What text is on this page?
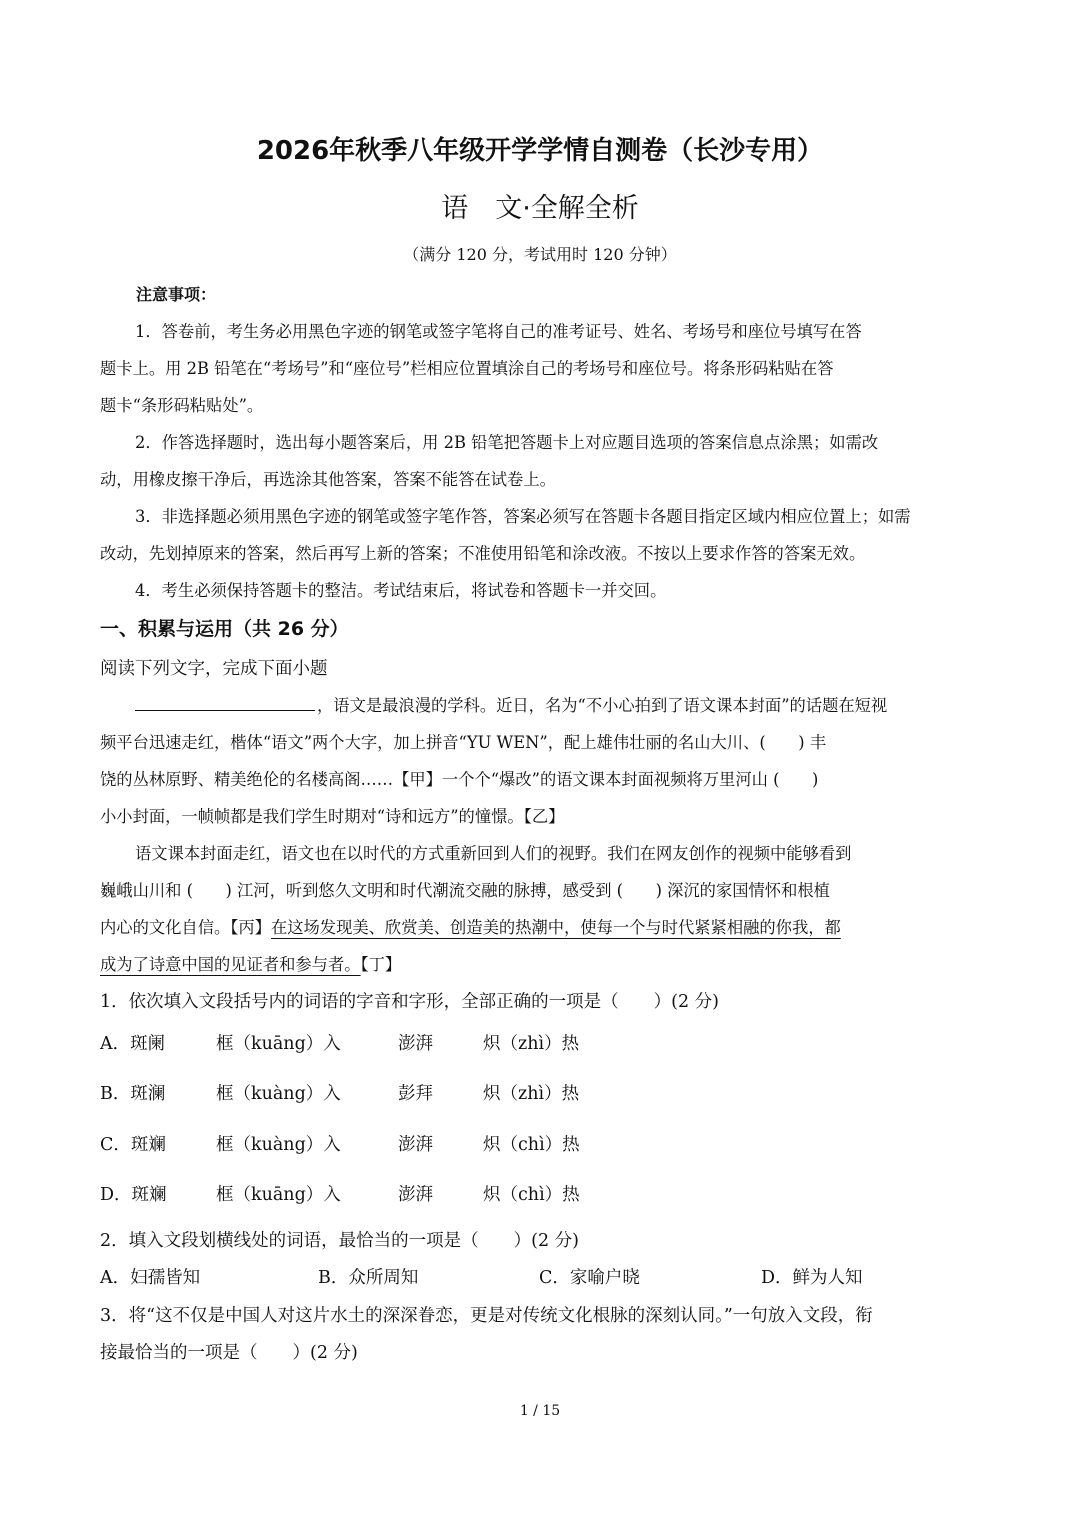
2026年秋季八年级开学学情自测卷（长沙专用）

语　文·全解全析

（满分 120 分，考试用时 120 分钟）

注意事项：

1．答卷前，考生务必用黑色字迹的钢笔或签字笔将自己的准考证号、姓名、考场号和座位号填写在答

题卡上。用 2B 铅笔在“考场号”和“座位号”栏相应位置填涂自己的考场号和座位号。将条形码粘贴在答

题卡“条形码粘贴处”。

2．作答选择题时，选出每小题答案后，用 2B 铅笔把答题卡上对应题目选项的答案信息点涂黑；如需改

动，用橡皮擦干净后，再选涂其他答案，答案不能答在试卷上。

3．非选择题必须用黑色字迹的钢笔或签字笔作答，答案必须写在答题卡各题目指定区域内相应位置上；如需

改动，先划掉原来的答案，然后再写上新的答案；不准使用铅笔和涂改液。不按以上要求作答的答案无效。

4．考生必须保持答题卡的整洁。考试结束后，将试卷和答题卡一并交回。

一、积累与运用（共 26 分）

阅读下列文字，完成下面小题

，语文是最浪漫的学科。近日，名为“不小心拍到了语文课本封面”的话题在短视

频平台迅速走红，楷体“语文”两个大字，加上拼音“YU WEN”，配上雄伟壮丽的名山大川、(　　) 丰

饶的丛林原野、精美绝伦的名楼高阁……【甲】一个个“爆改”的语文课本封面视频将万里河山 (　　)

小小封面，一帧帧都是我们学生时期对“诗和远方”的憧憬。【乙】

语文课本封面走红，语文也在以时代的方式重新回到人们的视野。我们在网友创作的视频中能够看到

巍峨山川和 (　　) 江河，听到悠久文明和时代潮流交融的脉搏，感受到 (　　) 深沉的家国情怀和根植

内心的文化自信。【丙】在这场发现美、欣赏美、创造美的热潮中，使每一个与时代紧紧相融的你我，都

成为了诗意中国的见证者和参与者。【丁】

1．依次填入文段括号内的词语的字音和字形，全部正确的一项是（　　）(2 分)

A．斑阑	框（kuāng）入	澎湃	炽（zhì）热
B．斑澜	框（kuàng）入	彭拜	炽（zhì）热
C．斑斓	框（kuàng）入	澎湃	炽（chì）热
D．斑斓	框（kuāng）入	澎湃	炽（chì）热

2．填入文段划横线处的词语，最恰当的一项是（　　）(2 分)

A．妇孺皆知	B．众所周知	C．家喻户晓	D．鲜为人知

3．将“这不仅是中国人对这片水土的深深眷恋，更是对传统文化根脉的深刻认同。”一句放入文段，衔

接最恰当的一项是（　　）(2 分)

1 / 15
